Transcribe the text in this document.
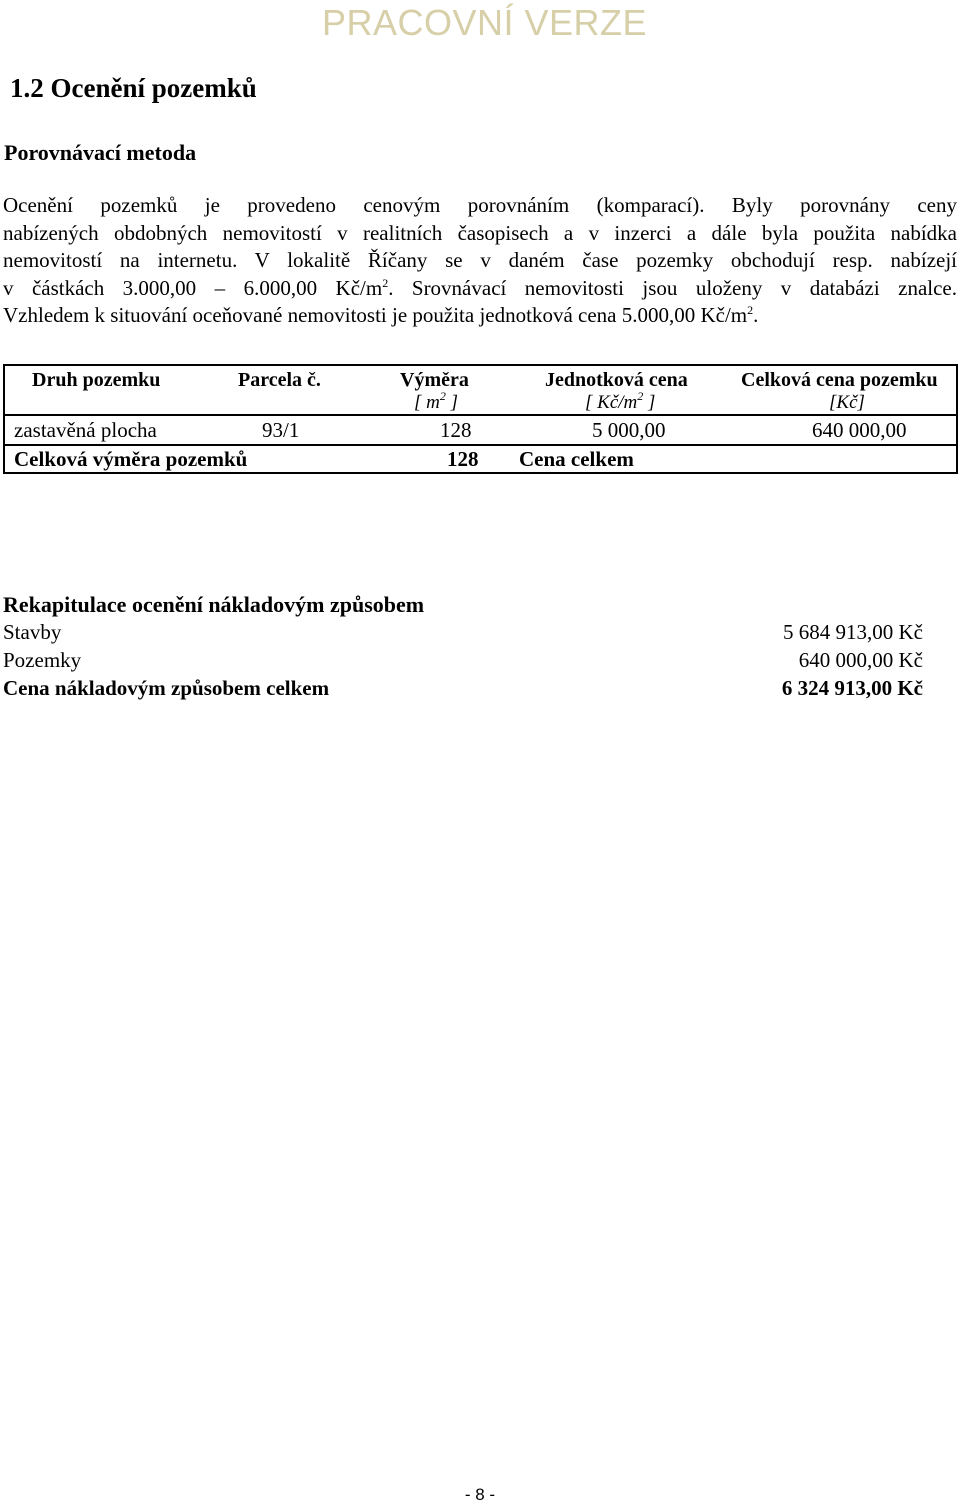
PRACOVNÍ VERZE
1.2 Ocenění pozemků
Porovnávací metoda
Ocenění pozemků je provedeno cenovým porovnáním (komparací). Byly porovnány ceny
nabízených obdobných nemovitostí v realitních časopisech a v inzerci a dále byla použita nabídka
nemovitostí na internetu. V lokalitě Říčany se v daném čase pozemky obchodují resp. nabízejí
v částkách 3.000,00 – 6.000,00 $Kč/m^2$. Srovnávací nemovitosti jsou uloženy v databázi znalce.
Vzhledem k situování oceňované nemovitosti je použita jednotková cena 5.000,00 $Kč/m^2$.
Druh pozemku	Parcela č.	Výměra	Jednotková cena	Celková cena pozemku
[ $m^2$ ]	[ $Kč/m^2$ ]	[Kč]
zastavěná plocha	93/1	128	5 000,00	640 000,00
Celková výměra pozemků	128 Cena celkem
Rekapitulace ocenění nákladovým způsobem
Stavby	5 684 913,00 Kč
Pozemky	640 000,00 Kč
Cena nákladovým způsobem celkem	6 324 913,00 Kč
- 8 -
